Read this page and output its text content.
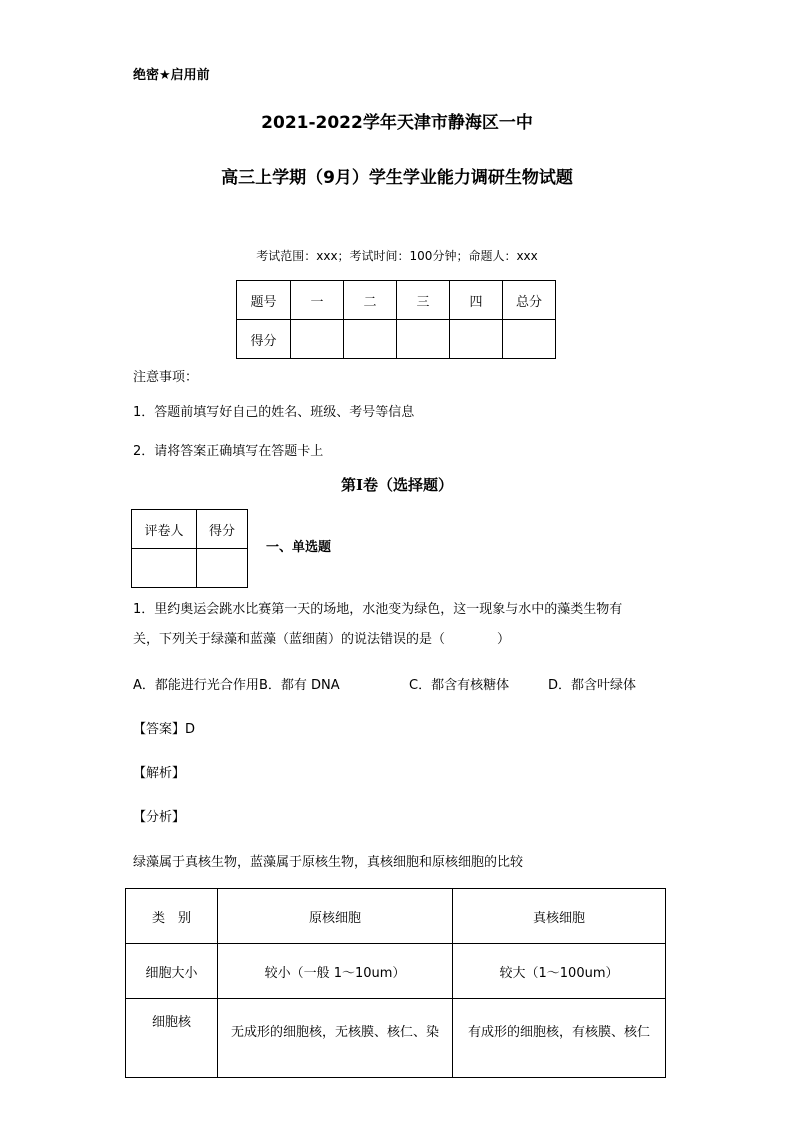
绝密★启用前
2021-2022学年天津市静海区一中
高三上学期（9月）学生学业能力调研生物试题
考试范围：xxx；考试时间：100分钟；命题人：xxx
题号	一	二	三	四	总分
得分					
注意事项：
1．答题前填写好自己的姓名、班级、考号等信息
2．请将答案正确填写在答题卡上
第I卷（选择题）
评卷人	得分

一、单选题
1．里约奥运会跳水比赛第一天的场地，水池变为绿色，这一现象与水中的藻类生物有
关，下列关于绿藻和蓝藻（蓝细菌）的说法错误的是（　　　　）
A．都能进行光合作用B．都有 DNA	C．都含有核糖体	D．都含叶绿体
【答案】D
【解析】
【分析】
绿藻属于真核生物，蓝藻属于原核生物，真核细胞和原核细胞的比较
类　别	原核细胞	真核细胞
细胞大小	较小（一般 1～10um）	较大（1～100um）
细胞核	无成形的细胞核，无核膜、核仁、染	有成形的细胞核，有核膜、核仁
